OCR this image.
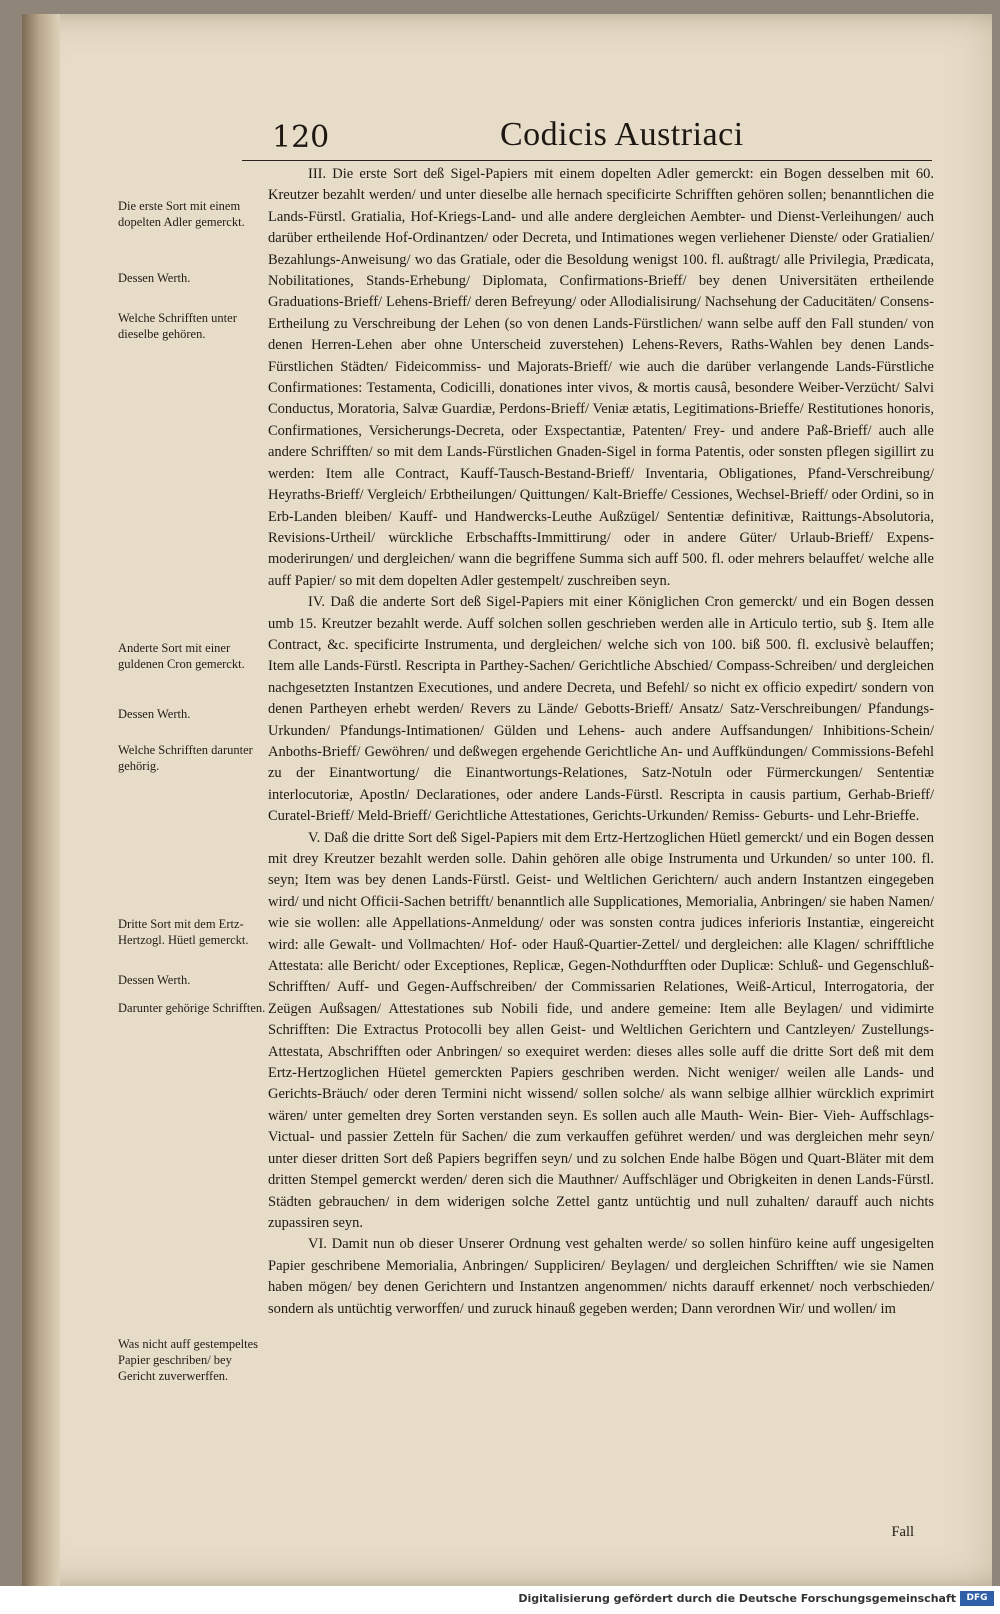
120	Codicis Austriaci
Die erste Sort mit einem dopelten Adler gemerckt.
Dessen Werth.
Welche Schrifften unter dieselbe gehören.
Anderte Sort mit einer guldenen Cron gemerckt.
Dessen Werth.
Welche Schrifften darunter gehörig.
Dritte Sort mit dem Ertz-Hertzogl. Hüetl gemerckt.
Dessen Werth.
Darunter gehörige Schrifften.
Was nicht auff gestempeltes Papier geschriben/ bey Gericht zuverwerffen.

III. Die erste Sort deß Sigel-Papiers mit einem dopelten Adler gemerckt: ein Bogen desselben mit 60. Kreutzer bezahlt werden/ und unter dieselbe alle hernach specificirte Schrifften gehören sollen; benanntlichen die Lands-Fürstl. Gratialia, Hof-Kriegs-Land- und alle andere dergleichen Aembter- und Dienst-Verleihungen/ auch darüber ertheilende Hof-Ordinantzen/ oder Decreta, und Intimationes wegen verliehener Dienste/ oder Gratialien/ Bezahlungs-Anweisung/ wo das Gratiale, oder die Besoldung wenigst 100. fl. außtragt/ alle Privilegia, Prædicata, Nobilitationes, Stands-Erhebung/ Diplomata, Confirmations-Brieff/ bey denen Universitäten ertheilende Graduations-Brieff/ Lehens-Brieff/ deren Befreyung/ oder Allodialisirung/ Nachsehung der Caducitäten/ Consens-Ertheilung zu Verschreibung der Lehen (so von denen Lands-Fürstlichen/ wann selbe auff den Fall stunden/ von denen Herren-Lehen aber ohne Unterscheid zuverstehen) Lehens-Revers, Raths-Wahlen bey denen Lands-Fürstlichen Städten/ Fideicommiss- und Majorats-Brieff/ wie auch die darüber verlangende Lands-Fürstliche Confirmationes: Testamenta, Codicilli, donationes inter vivos, & mortis causâ, besondere Weiber-Verzücht/ Salvi Conductus, Moratoria, Salvæ Guardiæ, Perdons-Brieff/ Veniæ ætatis, Legitimations-Brieffe/ Restitutiones honoris, Confirmationes, Versicherungs-Decreta, oder Exspectantiæ, Patenten/ Frey- und andere Paß-Brieff/ auch alle andere Schrifften/ so mit dem Lands-Fürstlichen Gnaden-Sigel in forma Patentis, oder sonsten pflegen sigillirt zu werden: Item alle Contract, Kauff-Tausch-Bestand-Brieff/ Inventaria, Obligationes, Pfand-Verschreibung/ Heyraths-Brieff/ Vergleich/ Erbtheilungen/ Quittungen/ Kalt-Brieffe/ Cessiones, Wechsel-Brieff/ oder Ordini, so in Erb-Landen bleiben/ Kauff- und Handwercks-Leuthe Außzügel/ Sententiæ definitivæ, Raittungs-Absolutoria, Revisions-Urtheil/ würckliche Erbschaffts-Immittirung/ oder in andere Güter/ Urlaub-Brieff/ Expens-moderirungen/ und dergleichen/ wann die begriffene Summa sich auff 500. fl. oder mehrers belauffet/ welche alle auff Papier/ so mit dem dopelten Adler gestempelt/ zuschreiben seyn.

IV. Daß die anderte Sort deß Sigel-Papiers mit einer Königlichen Cron gemerckt/ und ein Bogen dessen umb 15. Kreutzer bezahlt werde. Auff solchen sollen geschrieben werden alle in Articulo tertio, sub §. Item alle Contract, &c. specificirte Instrumenta, und dergleichen/ welche sich von 100. biß 500. fl. exclusivè belauffen; Item alle Lands-Fürstl. Rescripta in Parthey-Sachen/ Gerichtliche Abschied/ Compass-Schreiben/ und dergleichen nachgesetzten Instantzen Executiones, und andere Decreta, und Befehl/ so nicht ex officio expedirt/ sondern von denen Partheyen erhebt werden/ Revers zu Lände/ Gebotts-Brieff/ Ansatz/ Satz-Verschreibungen/ Pfandungs-Urkunden/ Pfandungs-Intimationen/ Gülden und Lehens- auch andere Auffsandungen/ Inhibitions-Schein/ Anboths-Brieff/ Gewöhren/ und deßwegen ergehende Gerichtliche An- und Auffkündungen/ Commissions-Befehl zu der Einantwortung/ die Einantwortungs-Relationes, Satz-Notuln oder Fürmerckungen/ Sententiæ interlocutoriæ, Apostln/ Declarationes, oder andere Lands-Fürstl. Rescripta in causis partium, Gerhab-Brieff/ Curatel-Brieff/ Meld-Brieff/ Gerichtliche Attestationes, Gerichts-Urkunden/ Remiss- Geburts- und Lehr-Brieffe.

V. Daß die dritte Sort deß Sigel-Papiers mit dem Ertz-Hertzoglichen Hüetl gemerckt/ und ein Bogen dessen mit drey Kreutzer bezahlt werden solle. Dahin gehören alle obige Instrumenta und Urkunden/ so unter 100. fl. seyn; Item was bey denen Lands-Fürstl. Geist- und Weltlichen Gerichtern/ auch andern Instantzen eingegeben wird/ und nicht Officii-Sachen betrifft/ benanntlich alle Supplicationes, Memorialia, Anbringen/ sie haben Namen/ wie sie wollen: alle Appellations-Anmeldung/ oder was sonsten contra judices inferioris Instantiæ, eingereicht wird: alle Gewalt- und Vollmachten/ Hof- oder Hauß-Quartier-Zettel/ und dergleichen: alle Klagen/ schrifftliche Attestata: alle Bericht/ oder Exceptiones, Replicæ, Gegen-Nothdurfften oder Duplicæ: Schluß- und Gegenschluß-Schrifften/ Auff- und Gegen-Auffschreiben/ der Commissarien Relationes, Weiß-Articul, Interrogatoria, der Zeügen Außsagen/ Attestationes sub Nobili fide, und andere gemeine: Item alle Beylagen/ und vidimirte Schrifften: Die Extractus Protocolli bey allen Geist- und Weltlichen Gerichtern und Cantzleyen/ Zustellungs-Attestata, Abschrifften oder Anbringen/ so exequiret werden: dieses alles solle auff die dritte Sort deß mit dem Ertz-Hertzoglichen Hüetel gemerckten Papiers geschriben werden. Nicht weniger/ weilen alle Lands- und Gerichts-Bräuch/ oder deren Termini nicht wissend/ sollen solche/ als wann selbige allhier würcklich exprimirt wären/ unter gemelten drey Sorten verstanden seyn. Es sollen auch alle Mauth- Wein- Bier- Vieh- Auffschlags- Victual- und passier Zetteln für Sachen/ die zum verkauffen geführet werden/ und was dergleichen mehr seyn/ unter dieser dritten Sort deß Papiers begriffen seyn/ und zu solchen Ende halbe Bögen und Quart-Bläter mit dem dritten Stempel gemerckt werden/ deren sich die Mauthner/ Auffschläger und Obrigkeiten in denen Lands-Fürstl. Städten gebrauchen/ in dem widerigen solche Zettel gantz untüchtig und null zuhalten/ darauff auch nichts zupassiren seyn.

VI. Damit nun ob dieser Unserer Ordnung vest gehalten werde/ so sollen hinfüro keine auff ungesigelten Papier geschribene Memorialia, Anbringen/ Suppliciren/ Beylagen/ und dergleichen Schrifften/ wie sie Namen haben mögen/ bey denen Gerichtern und Instantzen angenommen/ nichts darauff erkennet/ noch verbschieden/ sondern als untüchtig verworffen/ und zuruck hinauß gegeben werden; Dann verordnen Wir/ und wollen/ im

Fall
Digitalisierung gefördert durch die Deutsche Forschungsgemeinschaft	DFG
